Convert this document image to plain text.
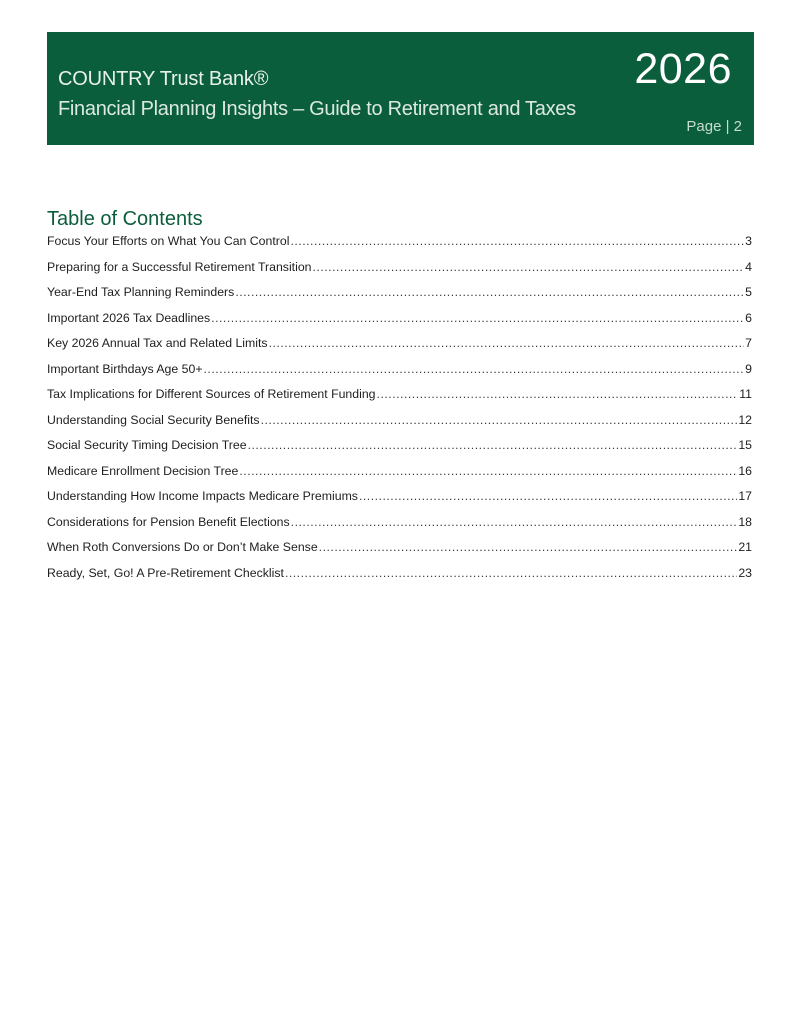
COUNTRY Trust Bank®
Financial Planning Insights – Guide to Retirement and Taxes
2026
Page | 2
Table of Contents
Focus Your Efforts on What You Can Control .....	3
Preparing for a Successful Retirement Transition .....	4
Year-End Tax Planning Reminders .....	5
Important 2026 Tax Deadlines .....	6
Key 2026 Annual Tax and Related Limits .....	7
Important Birthdays Age 50+ .....	9
Tax Implications for Different Sources of Retirement Funding .....	11
Understanding Social Security Benefits .....	12
Social Security Timing Decision Tree .....	15
Medicare Enrollment Decision Tree .....	16
Understanding How Income Impacts Medicare Premiums .....	17
Considerations for Pension Benefit Elections .....	18
When Roth Conversions Do or Don’t Make Sense .....	21
Ready, Set, Go! A Pre-Retirement Checklist .....	23
